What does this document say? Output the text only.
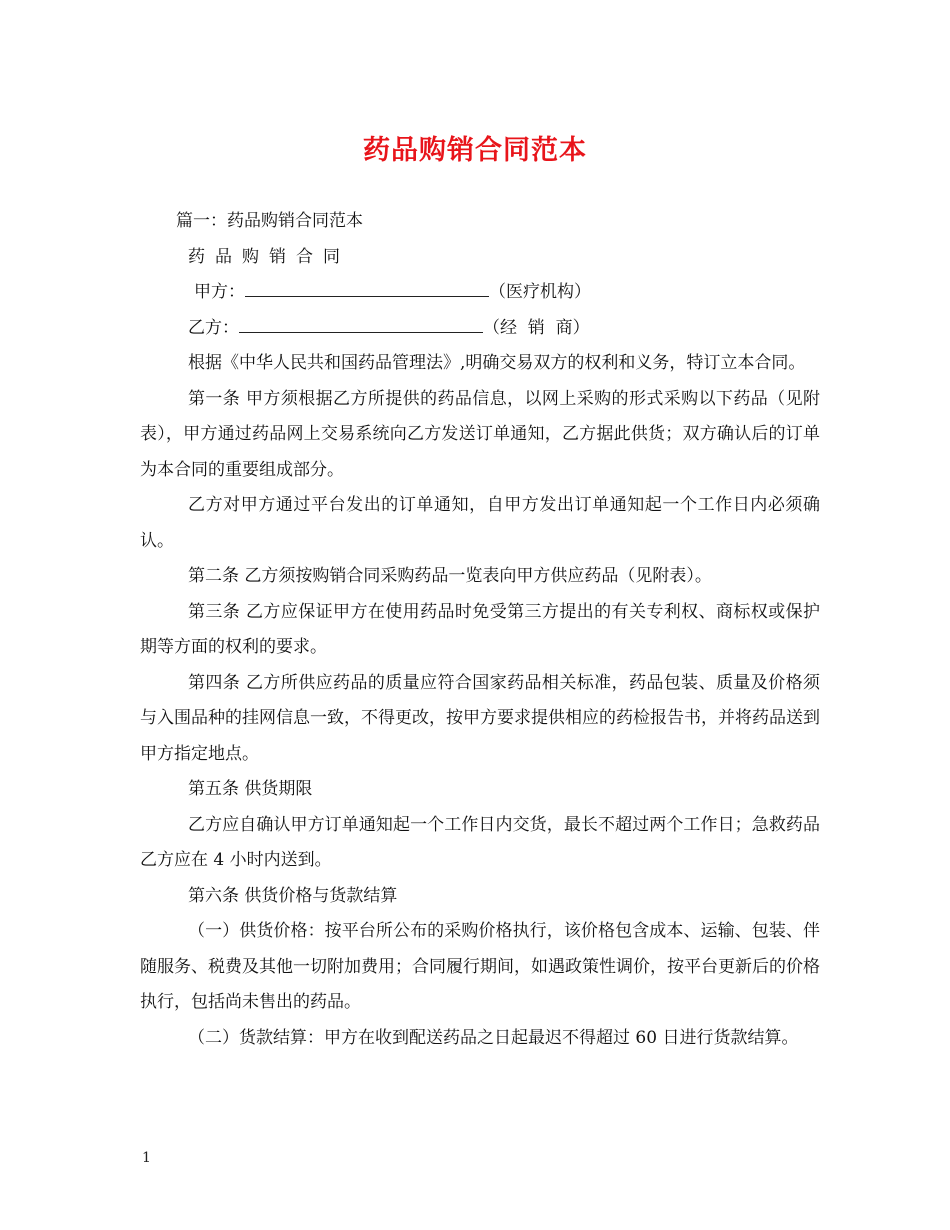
药品购销合同范本

篇一：药品购销合同范本

药品购销合同

甲方：	（医疗机构）

乙方：	（经  销  商）

根据《中华人民共和国药品管理法》,明确交易双方的权利和义务，特订立本合同。

第一条 甲方须根据乙方所提供的药品信息，以网上采购的形式采购以下药品（见附表），甲方通过药品网上交易系统向乙方发送订单通知，乙方据此供货；双方确认后的订单为本合同的重要组成部分。

乙方对甲方通过平台发出的订单通知，自甲方发出订单通知起一个工作日内必须确认。

第二条 乙方须按购销合同采购药品一览表向甲方供应药品（见附表）。

第三条 乙方应保证甲方在使用药品时免受第三方提出的有关专利权、商标权或保护期等方面的权利的要求。

第四条 乙方所供应药品的质量应符合国家药品相关标准，药品包装、质量及价格须与入围品种的挂网信息一致，不得更改，按甲方要求提供相应的药检报告书，并将药品送到甲方指定地点。

第五条 供货期限

乙方应自确认甲方订单通知起一个工作日内交货，最长不超过两个工作日；急救药品乙方应在 4 小时内送到。

第六条 供货价格与货款结算

（一）供货价格：按平台所公布的采购价格执行，该价格包含成本、运输、包装、伴随服务、税费及其他一切附加费用；合同履行期间，如遇政策性调价，按平台更新后的价格执行，包括尚未售出的药品。

（二）货款结算：甲方在收到配送药品之日起最迟不得超过 60 日进行货款结算。

1
